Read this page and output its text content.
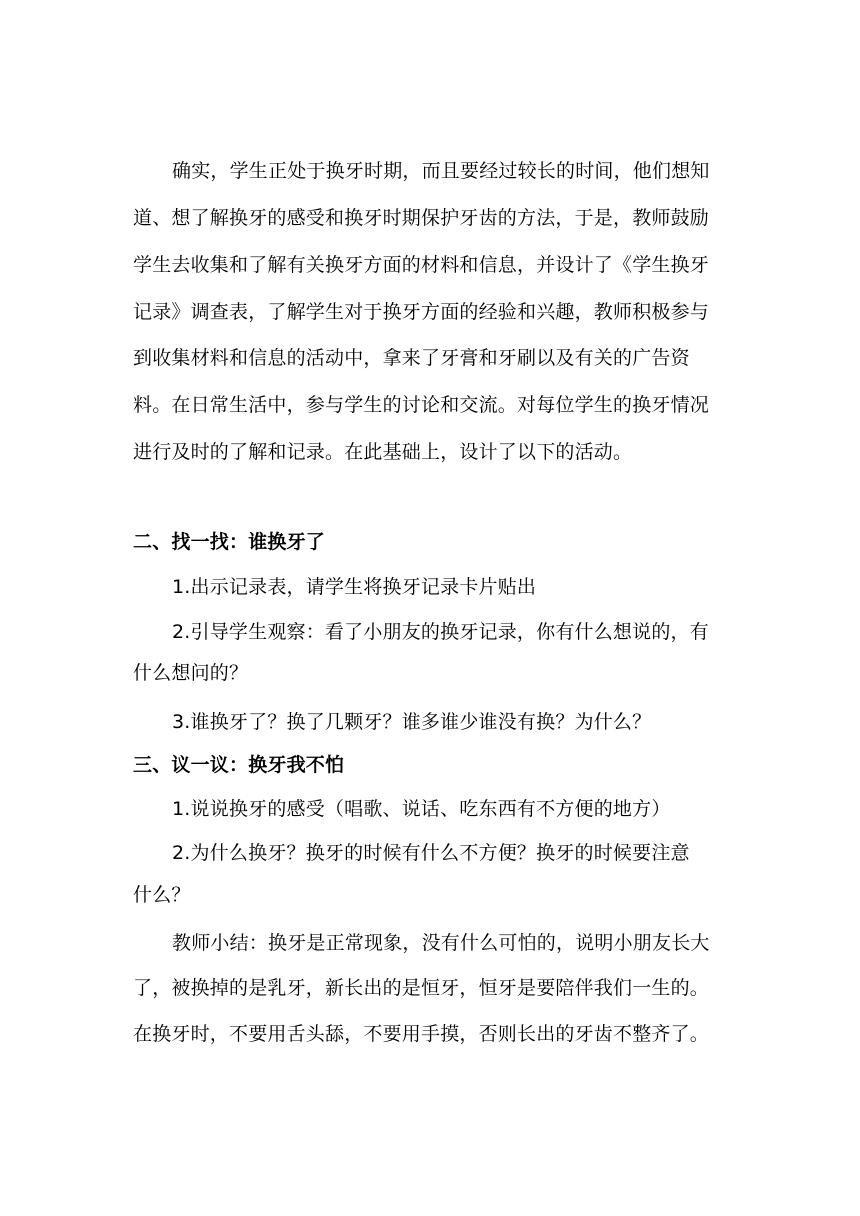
确实，学生正处于换牙时期，而且要经过较长的时间，他们想知
道、想了解换牙的感受和换牙时期保护牙齿的方法，于是，教师鼓励
学生去收集和了解有关换牙方面的材料和信息，并设计了《学生换牙
记录》调查表，了解学生对于换牙方面的经验和兴趣，教师积极参与
到收集材料和信息的活动中，拿来了牙膏和牙刷以及有关的广告资
料。在日常生活中，参与学生的讨论和交流。对每位学生的换牙情况
进行及时的了解和记录。在此基础上，设计了以下的活动。
二、找一找：谁换牙了
1.出示记录表，请学生将换牙记录卡片贴出
2.引导学生观察：看了小朋友的换牙记录，你有什么想说的，有
什么想问的？
3.谁换牙了？换了几颗牙？谁多谁少谁没有换？为什么？
三、议一议：换牙我不怕
1.说说换牙的感受（唱歌、说话、吃东西有不方便的地方）
2.为什么换牙？换牙的时候有什么不方便？换牙的时候要注意
什么？
教师小结：换牙是正常现象，没有什么可怕的，说明小朋友长大
了，被换掉的是乳牙，新长出的是恒牙，恒牙是要陪伴我们一生的。
在换牙时，不要用舌头舔，不要用手摸，否则长出的牙齿不整齐了。
